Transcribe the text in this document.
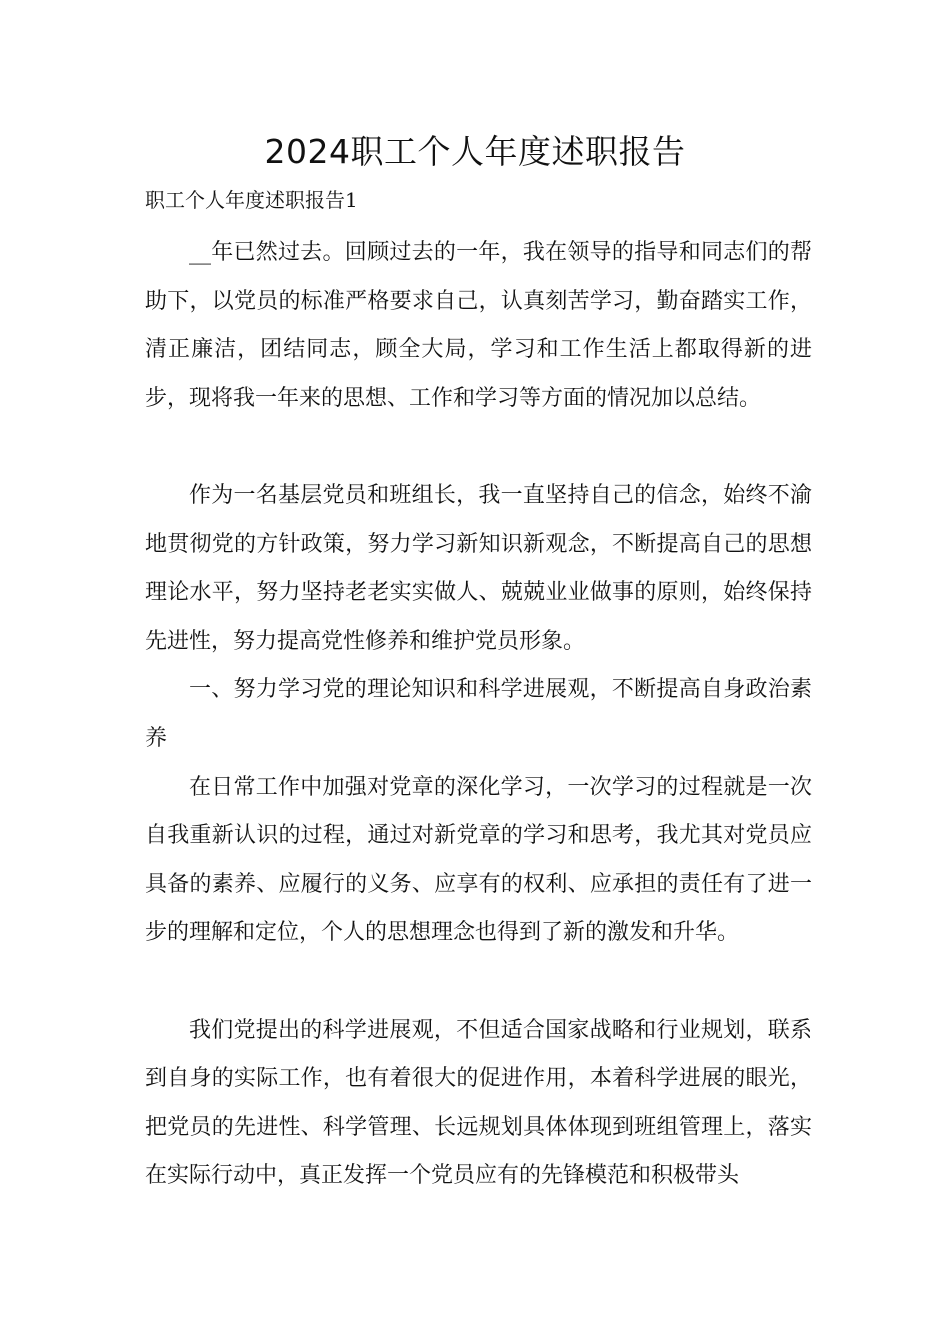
2024职工个人年度述职报告
职工个人年度述职报告1

__年已然过去。回顾过去的一年，我在领导的指导和同志们的帮助下，以党员的标准严格要求自己，认真刻苦学习，勤奋踏实工作，清正廉洁，团结同志，顾全大局，学习和工作生活上都取得新的进步，现将我一年来的思想、工作和学习等方面的情况加以总结。

作为一名基层党员和班组长，我一直坚持自己的信念，始终不渝地贯彻党的方针政策，努力学习新知识新观念，不断提高自己的思想理论水平，努力坚持老老实实做人、兢兢业业做事的原则，始终保持先进性，努力提高党性修养和维护党员形象。

一、努力学习党的理论知识和科学进展观，不断提高自身政治素养

在日常工作中加强对党章的深化学习，一次学习的过程就是一次自我重新认识的过程，通过对新党章的学习和思考，我尤其对党员应具备的素养、应履行的义务、应享有的权利、应承担的责任有了进一步的理解和定位，个人的思想理念也得到了新的激发和升华。

我们党提出的科学进展观，不但适合国家战略和行业规划，联系到自身的实际工作，也有着很大的促进作用，本着科学进展的眼光，把党员的先进性、科学管理、长远规划具体体现到班组管理上，落实在实际行动中，真正发挥一个党员应有的先锋模范和积极带头
